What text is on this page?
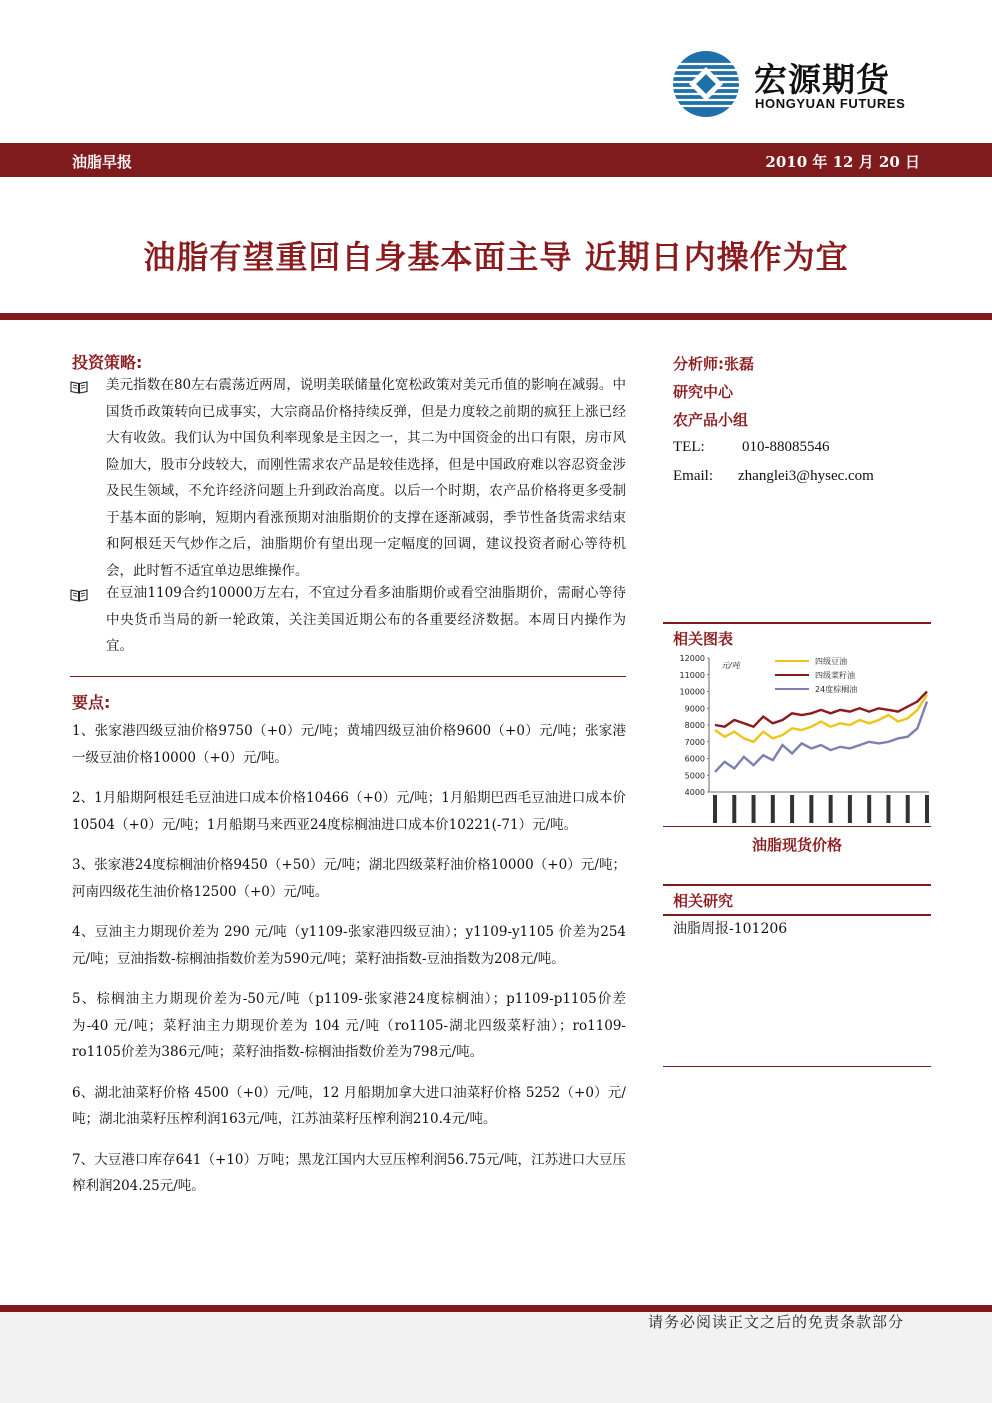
宏源期货
HONGYUAN FUTURES
油脂早报	2010 年 12 月 20 日
油脂有望重回自身基本面主导 近期日内操作为宜
投资策略:
美元指数在80左右震荡近两周，说明美联储量化宽松政策对美元币值的影响在减弱。中国货币政策转向已成事实，大宗商品价格持续反弹，但是力度较之前期的疯狂上涨已经大有收敛。我们认为中国负利率现象是主因之一，其二为中国资金的出口有限，房市风险加大，股市分歧较大，而刚性需求农产品是较佳选择，但是中国政府难以容忍资金涉及民生领域，不允许经济问题上升到政治高度。以后一个时期，农产品价格将更多受制于基本面的影响，短期内看涨预期对油脂期价的支撑在逐渐减弱，季节性备货需求结束和阿根廷天气炒作之后，油脂期价有望出现一定幅度的回调，建议投资者耐心等待机会，此时暂不适宜单边思维操作。
在豆油1109合约10000万左右，不宜过分看多油脂期价或看空油脂期价，需耐心等待中央货币当局的新一轮政策，关注美国近期公布的各重要经济数据。本周日内操作为宜。
要点:
1、张家港四级豆油价格9750（+0）元/吨；黄埔四级豆油价格9600（+0）元/吨；张家港一级豆油价格10000（+0）元/吨。
2、1月船期阿根廷毛豆油进口成本价格10466（+0）元/吨；1月船期巴西毛豆油进口成本价10504（+0）元/吨；1月船期马来西亚24度棕榈油进口成本价10221(-71）元/吨。
3、张家港24度棕榈油价格9450（+50）元/吨；湖北四级菜籽油价格10000（+0）元/吨；河南四级花生油价格12500（+0）元/吨。
4、豆油主力期现价差为 290 元/吨（y1109-张家港四级豆油）；y1109-y1105 价差为254元/吨；豆油指数-棕榈油指数价差为590元/吨；菜籽油指数-豆油指数为208元/吨。
5、棕榈油主力期现价差为-50元/吨（p1109-张家港24度棕榈油）；p1109-p1105价差为-40 元/吨；菜籽油主力期现价差为 104 元/吨（ro1105-湖北四级菜籽油）；ro1109-ro1105价差为386元/吨；菜籽油指数-棕榈油指数价差为798元/吨。
6、湖北油菜籽价格 4500（+0）元/吨，12 月船期加拿大进口油菜籽价格 5252（+0）元/吨；湖北油菜籽压榨利润163元/吨，江苏油菜籽压榨利润210.4元/吨。
7、大豆港口库存641（+10）万吨；黑龙江国内大豆压榨利润56.75元/吨，江苏进口大豆压榨利润204.25元/吨。
分析师:张磊
研究中心
农产品小组
TEL: 010-88085546
Email: zhanglei3@hysec.com
相关图表
12000
11000
10000
9000
8000
7000
6000
5000
4000
元/吨	四级豆油
四级菜籽油
24度棕榈油
油脂现货价格
相关研究
油脂周报-101206
请务必阅读正文之后的免责条款部分
